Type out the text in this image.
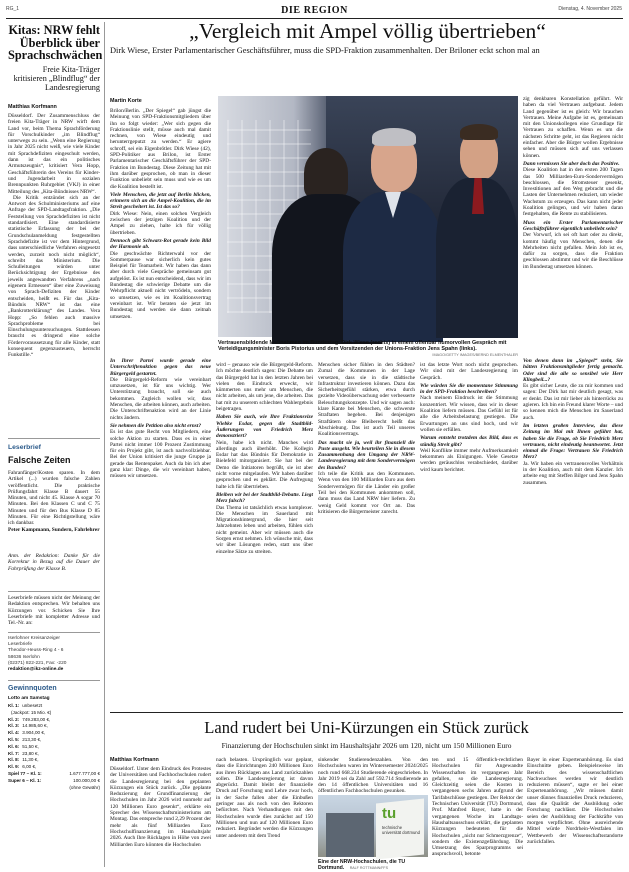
RG_1	DIE REGION	Dienstag, 4. November 2025
Kitas: NRW fehlt Überblick über Sprachschwächen
Freie Kita-Träger kritisieren „Blindflug“ der Landesregierung
Matthias Korfmann

Düsseldorf. Der Zusammenschluss der freien Kita-Träger in NRW wirft dem Land vor, beim Thema Sprachförderung für Vorschulkinder „im Blindflug“ unterwegs zu sein. „Wenn eine Regierung in Jahr 2025 nicht weiß, wie viele Kinder mit Sprachdefiziten eingeschult werden, dann ist das ein politisches Armutszeugnis“, kritisiert Vera Hopp, Geschäftsführerin des Vereins für Kinder- und Jugendarbeit in sozialen Brennpunkten Ruhrgebiet (VKJ) in einer Mitteilung des „Kita-Bündnisses NRW“.

Die Kritik entzündet sich an der Antwort des Schulministeriums auf eine Anfrage der SPD-Landtagsfraktion. „Die Feststellung von Sprachdefiziten ist nicht standardisiert. Eine standardisierte statistische Erfassung der bei der Grundschulanmeldung festgestellten Sprachdefizite ist vor dem Hintergrund, dass unterschiedliche Verfahren eingesetzt werden, zurzeit noch nicht möglich“, schreibt das Ministerium. Die Schulleitungen würden unter Berücksichtigung der Ergebnisse des jeweils angewandten Verfahrens „nach eigenem Ermessen“ über eine Zuweisung von Sprach-Defiziten der Kinder entscheiden, heißt es. Für das „Kita-Bündnis NRW“ ist das eine „Bankrotterklärung“ des Landes. Vera Hopp: „So fehlen auch massive Sprachprobleme bei Einschulungsuntersuchungen. Stattdessen braucht es dringend eine solche Fördervoraussetzung für alle Kinder, statt konsequent gegenzusteuern, herrscht Funkstille.“

Leserbrief
Falsche Zeiten

Fahranfänger/Kosten sparen. In dem Artikel (...) wurden falsche Zahlen veröffentlicht. Die praktische Prüfungsfahrt Klasse B dauert 55 Minuten, und nicht 45. Klasse A sogar 70 Minuten. Bei den Klassen C und C 75 Minuten und für den Bus Klasse D 85 Minuten. Für eine Richtigstellung wäre ich dankbar.

Peter Kampmann, Sundern, Fahrlehrer

Anm. der Redaktion: Danke für die Korrektur in Bezug auf die Dauer der Fahrprüfung der Klasse B.

Leserbriefe müssen nicht der Meinung der Redaktion entsprechen. Wir behalten uns Kürzungen vor. Schicken Sie Ihre Leserbriefe mit kompletter Adresse und Tel.-Nr. an:

Iserlohner Kreisanzeiger
Leserbriefe
Theodor-Heuss-Ring 4 - 6
58636 Iserlohn
(02371) 822-221, Fax: -220
redaktion@ikz-online.de
Gewinnquoten
Lotto am Samstag
Kl. 1: unbesetzt
(Jackpot: 15 Mio. €)
Kl. 2: 749.283,00 €,
Kl. 3: 14.985,60 €,
Kl. 4: 3.904,00 €,
Kl. 5: 213,30 €,
Kl. 6: 51,50 €,
Kl. 7: 23,80 €,
Kl. 8: 11,30 €,
Kl. 9: 6,00 €,
Spiel 77 – Kl. 1:	1.677.777,00 €
Super 6 – Kl. 1:	100.000,00 €
(ohne Gewähr)
„Vergleich mit Ampel völlig übertrieben“
Dirk Wiese, Erster Parlamentarischer Geschäftsführer, muss die SPD-Fraktion zusammenhalten. Der Briloner eckt schon mal an
Martin Korte

Brilon/Berlin. „Der Spiegel“ gab jüngst die Meinung von SPD-Fraktionsmitgliedern über ihn so folgt wieder: „Wer sich gegen die Fraktionslinie stellt, müsse auch mal damit rechnen, von Wiese eindeutig und herunterrgeputzt zu werden.“ Er agiere schroff, sei ein Eigenbrötler. Dirk Wiese (42), SPD-Politiker aus Brilon, ist Erster Parlamentarischer Geschäftsführer der SPD-Fraktion im Bundestag. Diese Zeitung hat mit ihm darüber gesprochen, ob man in dieser Funktion unbeliebt sein muss und wie es um die Koalition bestellt ist.

Viele Menschen, die jetzt auf Berlin blicken, erinnern sich an die Ampel-Koalition, die im Streit gescheitert ist. Ist das so?

Dirk Wiese: Nein, einen solchen Vergleich zwischen der jetzigen Koalition und der Ampel zu ziehen, halte ich für völlig übertrieben.

Dennoch gibt Schwarz-Rot gerade kein Bild der Harmonie ab.

Die geschwächte Richterwahl vor der Sommerpause war sicherlich kein gutes Beispiel für Teamarbeit. Wir haben das dann aber durch viele Gespräche gemeinsam gut aufgelöst. Es ist nun entscheidend, dass wir im Bundestag die schwierige Debatte um die Wehrpflicht aktuell nicht vertrödeln, sondern so umsetzen, wie es im Koalitionsvertrag vereinbart ist. Wir beraten sie jetzt im Bundestag und werden sie dann zeitnah umsetzen.

Vertrauensbildende Maßnahmen im Bundestag: Dirk Wiese (rechts) in einem offenbar humorvollen Gespräch mit Verteidigungsminister Boris Pistorius und dem Vorsitzenden der Unions-Fraktion Jens Spahn (links).
IMAGO/GETTY IMAGES/BERND ELMENTHALER

zig denkbaren Konstellation geführt. Wir haben da viel Vertrauen aufgebaut. Jedem Land gegenüber ist es gleich: Wir brauchen Vertrauen. Meine Aufgabe ist es, gemeinsam mit den Unionskollegen eine Grundlage für Vertrauen zu schaffen. Wenn es um die nächsten Schritte geht, ist das Regieren nicht einfacher. Aber die Bürger wollen Ergebnisse sehen und müssen sich auf uns verlassen können.

Dann vermissen Sie aber doch das Positive.

Diese Koalition hat in den ersten 200 Tagen das 500 Milliarden-Euro-Sondervermögen beschlossen, die Stromsteuer gesenkt, Investitionen auf den Weg gebracht und die Lasten der Unternehmen reduziert, um wieder Wachstum zu erzeugen. Das kann nicht jeder Koalition gelingen, und wir haben daran festgehalten, die Rente zu stabilisieren.

Muss ein Erster Parlamentarischer Geschäftsführer eigentlich unbeliebt sein?

Der Vorwurf, ich sei oft hart oder zu direkt, kommt häufig von Menschen, denen die Mehrheiten nicht gefallen. Mein Job ist es, dafür zu sorgen, dass die Fraktion geschlossen abstimmt und wir die Beschlüsse im Bundestag umsetzen können.

In Ihrer Partei wurde gerade eine Unterschriftenaktion gegen das neue Bürgergeld gestartet.

Die Bürgergeld-Reform wie vereinbart umzusetzen, ist für uns wichtig. Wer Unterstützung braucht, soll sie auch bekommen. Zugleich wollen wir, dass Menschen, die arbeiten können, auch arbeiten. Die Unterschriftenaktion wird an der Linie nichts ändern.

Sie nehmen die Petition also nicht ernst?

Es ist das gute Recht von Mitgliedern, eine solche Aktion zu starten. Dass es in einer Partei nicht immer 100 Prozent Zustimmung für ein Projekt gibt, ist auch nachvollziehbar. Bei der Union kritisiert die junge Gruppe ja gerade das Rentenpaket. Auch da bin ich aber ganz klar: Dinge, die wir vereinbart haben, müssen wir umsetzen.

wird – genauso wie die Bürgergeld-Reform. Ich möchte deutlich sagen: Die Debatte um das Bürgergeld hat in den letzten Jahren bei vielen den Eindruck erweckt, wir kümmerten uns mehr um Menschen, die nicht arbeiten, als um jene, die arbeiten. Das hat mit zu unserem schlechten Wahlergebnis beigetragen.

Haben Sie auch, wie Ihre Fraktionsvize Wiebke Esdar, gegen die Stadtbild-Äußerungen von Friedrich Merz demonstriert?

Nein, habe ich nicht. Manches wird allerdings auch überhöht. Die Kollegin Esdar hat das Bündnis für Demokratie in Bielefeld mitorganisiert. Sie hat bei der Demo die Initiatoren begrüßt, sie ist aber nicht vorne mitgelaufen. Wir haben darüber gesprochen und es geklärt. Die Aufregung halte ich für übertrieben.

Bleiben wir bei der Stadtbild-Debatte. Liegt Merz falsch?

Das Thema ist tatsächlich etwas komplexer. Die Menschen im Sauerland mit Migrationshintergrund, die hier seit Jahrzehnten leben und arbeiten, fühlen sich nicht gemeint. Aber wir müssen auch die Sorgen ernst nehmen. Ich wünsche mir, dass wir über Lösungen reden, statt uns über einzelne Sätze zu streiten.

Menschen sicher fühlen in den Städten? Zumal die Kommunen in der Lage versetzen, dass sie in die städtische Infrastruktur investieren können. Dazu das Sicherheitsgefühl stärken, etwa durch gezielte Videoüberwachung oder verbesserte Beleuchtungskonzepte. Und wir sagen auch: klare Kante bei Menschen, die schwerste Straftaten begehen. Bei denjenigen Straftätern ohne Bleiberecht heißt das Abschiebung. Das ist auch Teil unseres Koalitionsvertrags.

Das macht sie ja, weil ihr finanziell die Puste ausgeht. Wie beurteilen Sie in diesem Zusammenhang den Umgang der NRW-Landesregierung mit dem Sondervermögen des Bundes?

Ich teile die Kritik aus den Kommunen. Wenn von den 100 Milliarden Euro aus dem Sondervermögen für die Länder ein großer Teil bei den Kommunen ankommen soll, dann muss das Land NRW hier liefern. Zu wenig Geld kommt vor Ort an. Das kritisieren die Bürgermeister zurecht.

ist das letzte Wort noch nicht gesprochen. Wir sind mit der Landesregierung im Gespräch.

Wie würden Sie die momentane Stimmung in der SPD-Fraktion beschreiben?

Nach meinem Eindruck ist die Stimmung konzentriert. Wir wissen, dass wir in dieser Koalition liefern müssen. Das Gefühl ist für alle die Arbeitsbelastung gestiegen. Die Erwartungen an uns sind hoch, und wir wollen sie erfüllen.

Warum entsteht trotzdem das Bild, dass es ständig Streit gibt?

Weil Konflikte immer mehr Aufmerksamkeit bekommen als Einigungen. Viele Gesetze werden geräuschlos verabschiedet, darüber wird kaum berichtet.

Von denen dann im „Spiegel“ steht, Sie hätten Fraktionsmitglieder fertig gemacht. Oder sind die alle so sensibel wie Herr Klingbeil...?

Es gibt sicher Leute, die zu mir kommen und sagen: Der Dirk hat mir deutlich gesagt, was er denkt. Das ist mir lieber als hinterrücks zu agieren. Ich bin ein Freund klarer Worte – und so kennen mich die Menschen im Sauerland auch.

Im letzten großen Interview, das diese Zeitung im Mai mit Ihnen geführt hat, haben Sie die Frage, ob Sie Friedrich Merz vertrauen, nicht eindeutig beantwortet. Jetzt einmal die Frage: Vertrauen Sie Friedrich Merz?

Ja. Wir haben ein vertrauensvolles Verhältnis in der Koalition, auch mit dem Kanzler. Ich arbeite eng mit Steffen Bilger und Jens Spahn zusammen.

Land rudert bei Uni-Kürzungen ein Stück zurück
Finanzierung der Hochschulen sinkt im Haushaltsjahr 2026 um 120, nicht um 150 Millionen Euro
Matthias Korfmann

Düsseldorf. Unter dem Eindruck des Protestes der Universitäten und Fachhochschulen rudert die Landesregierung bei den geplanten Kürzungen ein Stück zurück. „Die geplante Reduzierung der Grundfinanzierung der Hochschulen im Jahr 2026 wird nunmehr auf 120 Millionen Euro gesenkt“, erklärte ein Sprecher des Wissenschaftsministeriums am Montag. Das entspreche rund 2,29 Prozent der mehr als fünf Milliarden Euro Hochschulfinanzierung im Haushaltsjahr 2026. Auch Ihre Rücklagen in Höhe von zwei Milliarden Euro könnten die Hochschulen

nach belasten. Ursprünglich war geplant, dass die Einrichtungen 240 Millionen Euro aus ihren Rücklagen ans Land zurückzahlen sollen. Die Landesregierung ist davon abgerückt. Damit bleibt der finanzielle Druck auf Forschung und Lehre zwar hoch, in der Sache fallen aber die Einbußen geringer aus als noch von den Rektoren befürchtet. Nach Verhandlungen mit den Hochschulen wurde dies zunächst auf 150 Millionen und nun auf 120 Millionen Euro reduziert. Begründet werden die Kürzungen unter anderem mit dem Trend

sinkender Studierendenzahlen. Von den Hochschulen waren im Wintersemester 2024/2025 noch rund 668.234 Studierende eingeschrieben. In Jahr 2019 sei da Zahl auf 592.714 Studierende an den 14 öffentlichen Universitäten und 16 öffentlichen Fachhochschulen gesunken.

tu
technische universität dortmund
Eine der NRW-Hochschulen, die TU Dortmund. RALF ROTTMANN/FFS

ten und 15 öffentlich-rechtlichen Hochschulen für Angewandte Wissenschaften im vergangenen Jahr gefallen, so die Landesregierung. Gleichzeitig seien die Kosten in vergangenen sechs Jahren aufgrund der Tarifabschlüsse gestiegen. Der Rektor der Technischen Universität (TU) Dortmund, Prof. Manfred Bayer, hatte in der vergangenen Woche im Landtags-Haushaltsausschuss erklärt, die geplanten Kürzungen bedeuteten für die Hochschulen „nicht nur Schmerzgrenze“, sondern die Existenzgefährdung. Die Umsetzung des Sparprogramms sei anspruchsvoll, betonte

Bayer in einer Expertenanhörung. Es sind Einschnitte geben. Beispielsweise im Bereich des wissenschaftlichen Nachwuchses werden wir deutlich reduzieren müssen“, sagte er bei einer Expertenanhörung. „Wir müssen damit unser dünnes finanzielles Druck reduzieren, dass die Qualität der Ausbildung oder Forschung nachlässt. Die Hochschulen seien der Ausbildung der Fachkräfte von morgen verpflichtet. Ohne ausreichende Mittel würde Nordrhein-Westfalen im Wettbewerb der Wissenschaftsstandorte zurückfallen.
